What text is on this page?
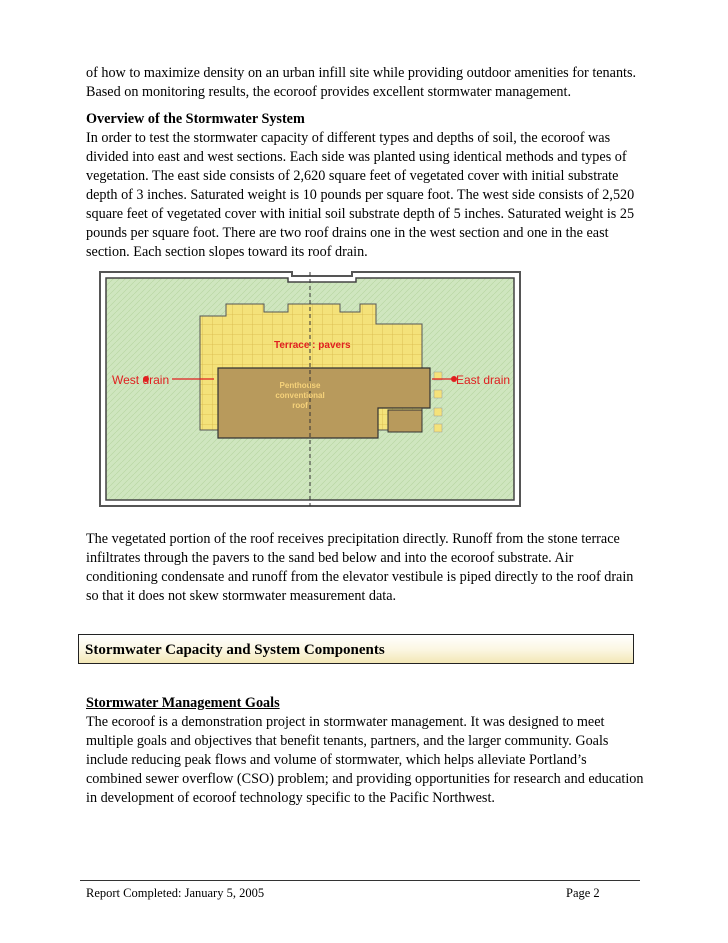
of how to maximize density on an urban infill site while providing outdoor amenities for tenants. Based on monitoring results, the ecoroof provides excellent stormwater management.

Overview of the Stormwater System
In order to test the stormwater capacity of different types and depths of soil, the ecoroof was divided into east and west sections. Each side was planted using identical methods and types of vegetation. The east side consists of 2,620 square feet of vegetated cover with initial substrate depth of 3 inches. Saturated weight is 10 pounds per square foot. The west side consists of 2,520 square feet of vegetated cover with initial soil substrate depth of 5 inches. Saturated weight is 25 pounds per square foot. There are two roof drains one in the west section and one in the east section. Each section slopes toward its roof drain.
Terrace : pavers
West drain	East drain
Penthouse
conventional
roof

The vegetated portion of the roof receives precipitation directly. Runoff from the stone terrace infiltrates through the pavers to the sand bed below and into the ecoroof substrate. Air conditioning condensate and runoff from the elevator vestibule is piped directly to the roof drain so that it does not skew stormwater measurement data.

Stormwater Capacity and System Components
Stormwater Management Goals
The ecoroof is a demonstration project in stormwater management. It was designed to meet multiple goals and objectives that benefit tenants, partners, and the larger community. Goals include reducing peak flows and volume of stormwater, which helps alleviate Portland’s combined sewer overflow (CSO) problem; and providing opportunities for research and education in development of ecoroof technology specific to the Pacific Northwest.
Report Completed: January 5, 2005	Page 2
